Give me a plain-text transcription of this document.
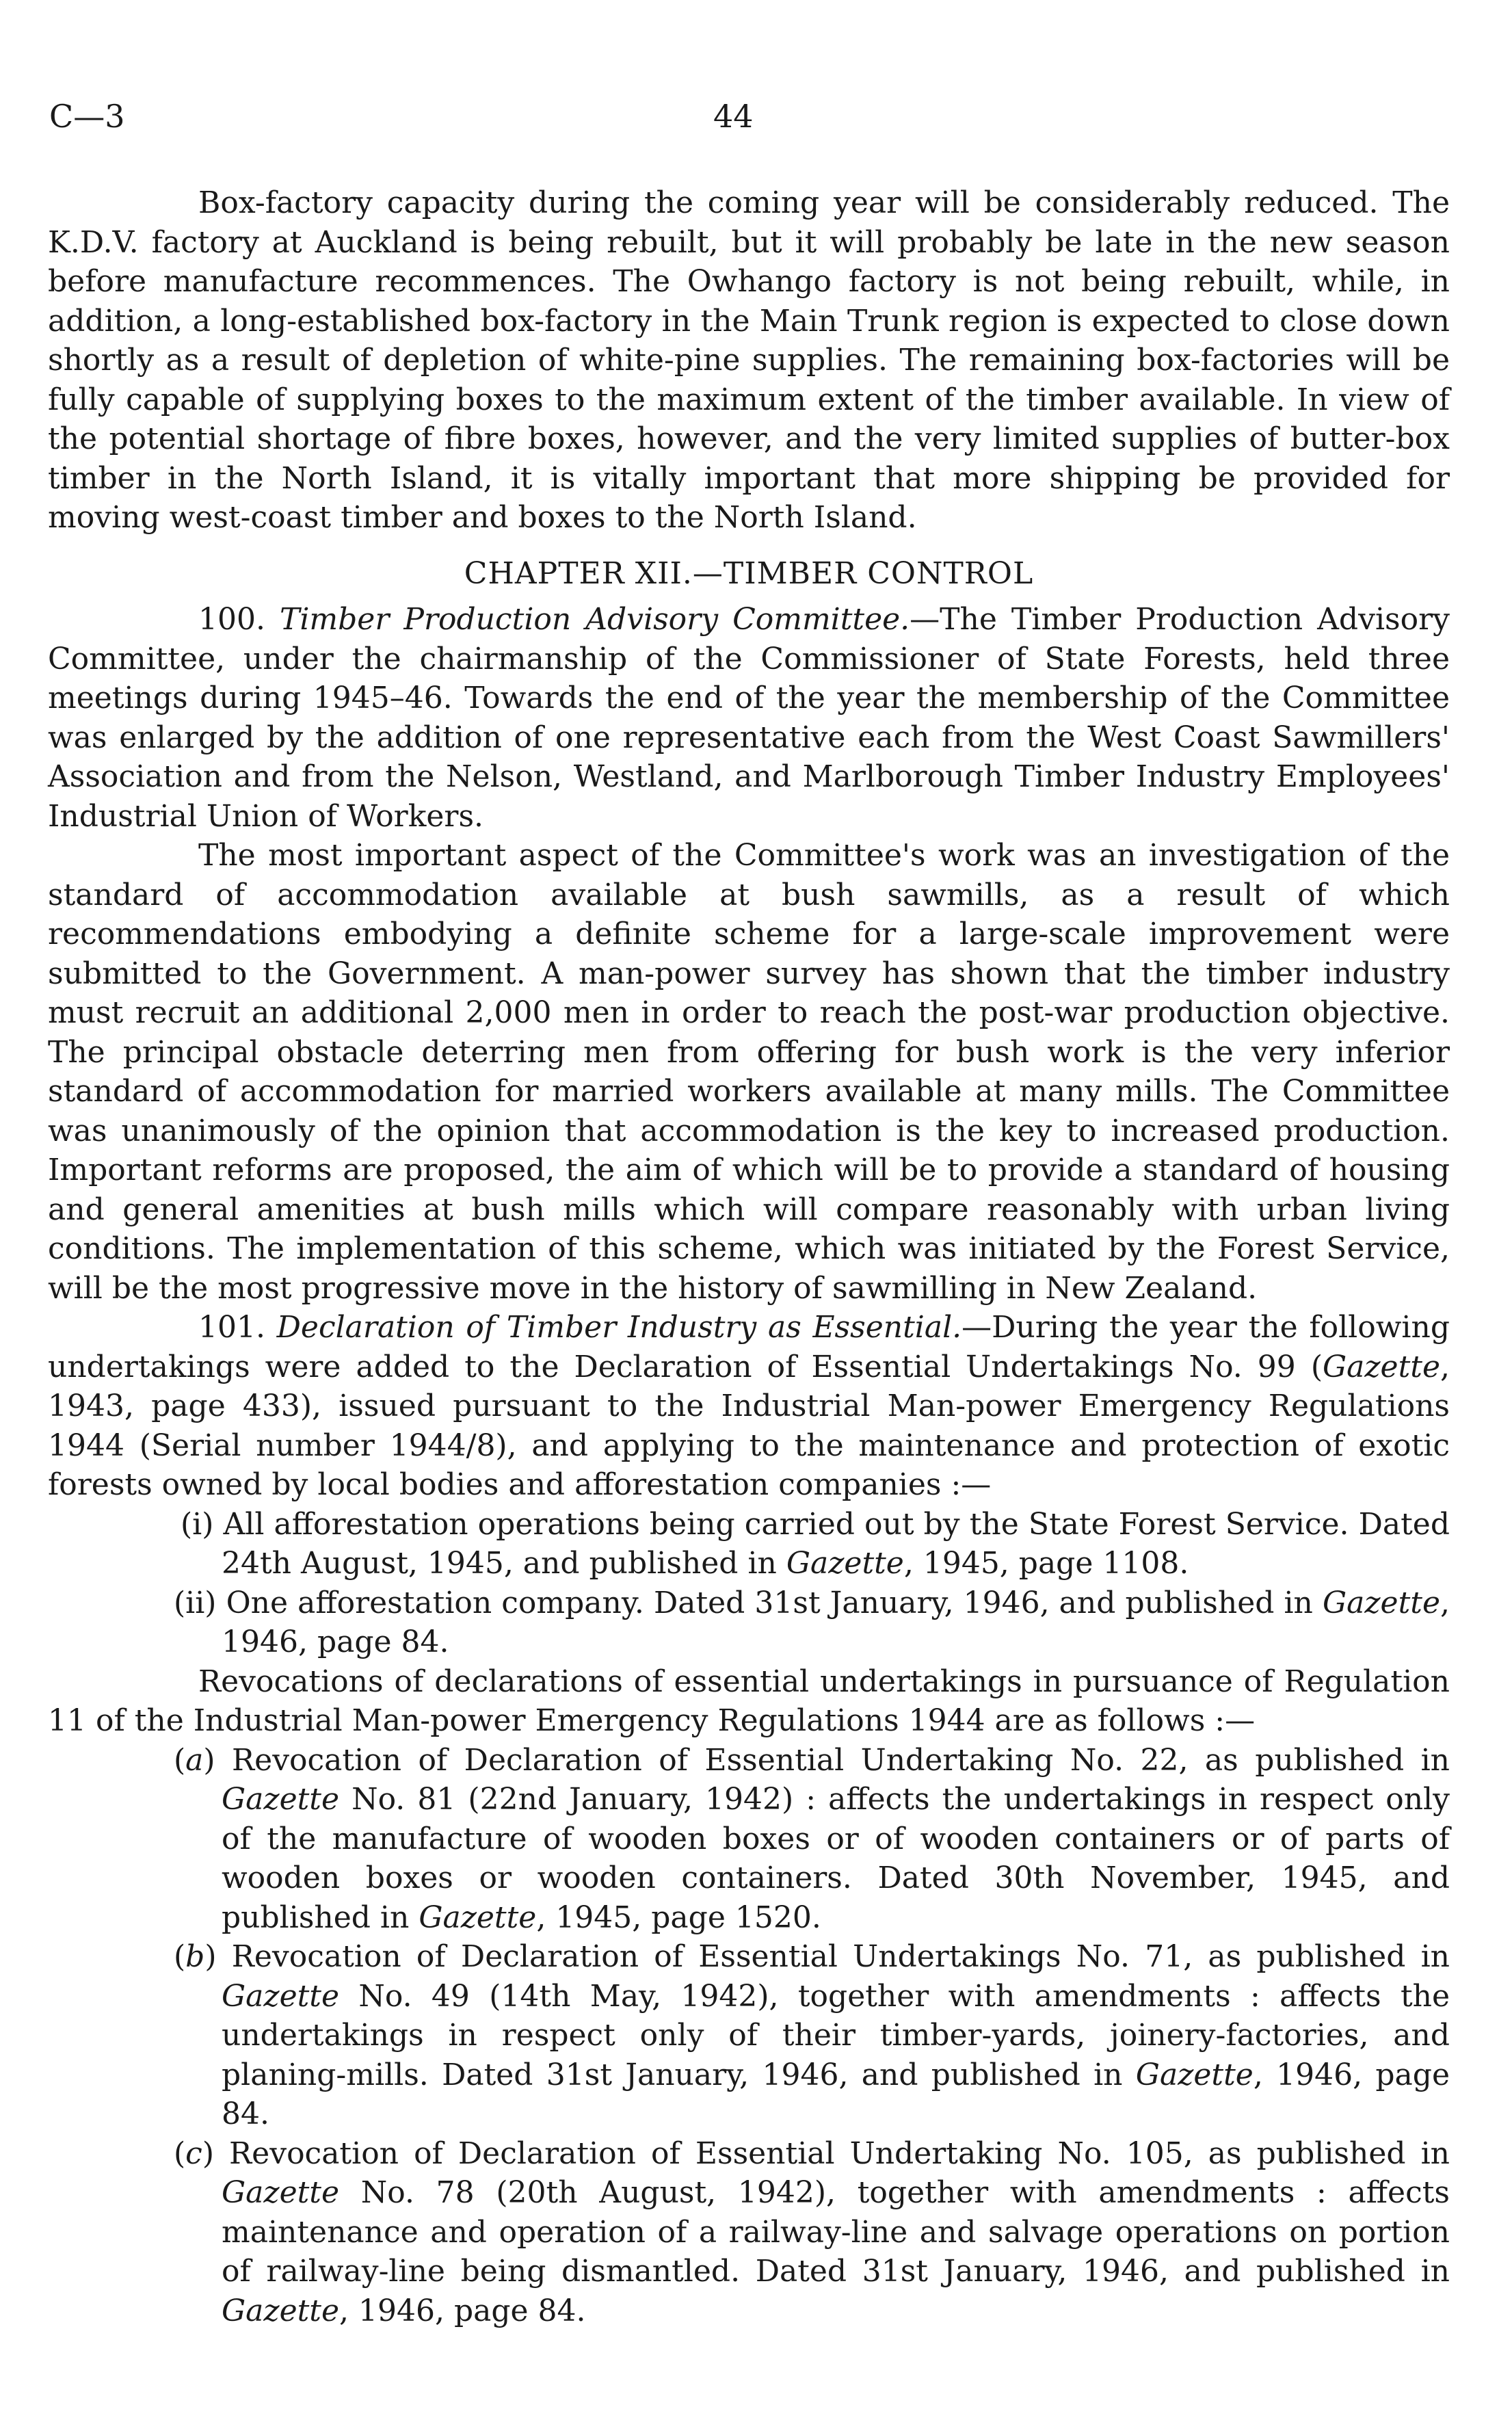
C—3	44

Box-factory capacity during the coming year will be considerably reduced. The K.D.V. factory at Auckland is being rebuilt, but it will probably be late in the new season before manufacture recommences. The Owhango factory is not being rebuilt, while, in addition, a long-established box-factory in the Main Trunk region is expected to close down shortly as a result of depletion of white-pine supplies. The remaining box-factories will be fully capable of supplying boxes to the maximum extent of the timber available. In view of the potential shortage of fibre boxes, however, and the very limited supplies of butter-box timber in the North Island, it is vitally important that more shipping be provided for moving west-coast timber and boxes to the North Island.

CHAPTER XII.—TIMBER CONTROL

100. Timber Production Advisory Committee.—The Timber Production Advisory Committee, under the chairmanship of the Commissioner of State Forests, held three meetings during 1945–46. Towards the end of the year the membership of the Committee was enlarged by the addition of one representative each from the West Coast Sawmillers' Association and from the Nelson, Westland, and Marlborough Timber Industry Employees' Industrial Union of Workers.

The most important aspect of the Committee's work was an investigation of the standard of accommodation available at bush sawmills, as a result of which recommendations embodying a definite scheme for a large-scale improvement were submitted to the Government. A man-power survey has shown that the timber industry must recruit an additional 2,000 men in order to reach the post-war production objective. The principal obstacle deterring men from offering for bush work is the very inferior standard of accommodation for married workers available at many mills. The Committee was unanimously of the opinion that accommodation is the key to increased production. Important reforms are proposed, the aim of which will be to provide a standard of housing and general amenities at bush mills which will compare reasonably with urban living conditions. The implementation of this scheme, which was initiated by the Forest Service, will be the most progressive move in the history of sawmilling in New Zealand.

101. Declaration of Timber Industry as Essential.—During the year the following undertakings were added to the Declaration of Essential Undertakings No. 99 (Gazette, 1943, page 433), issued pursuant to the Industrial Man-power Emergency Regulations 1944 (Serial number 1944/8), and applying to the maintenance and protection of exotic forests owned by local bodies and afforestation companies :—

(i) All afforestation operations being carried out by the State Forest Service. Dated 24th August, 1945, and published in Gazette, 1945, page 1108.

(ii) One afforestation company. Dated 31st January, 1946, and published in Gazette, 1946, page 84.

Revocations of declarations of essential undertakings in pursuance of Regulation 11 of the Industrial Man-power Emergency Regulations 1944 are as follows :—

(a) Revocation of Declaration of Essential Undertaking No. 22, as published in Gazette No. 81 (22nd January, 1942) : affects the undertakings in respect only of the manufacture of wooden boxes or of wooden containers or of parts of wooden boxes or wooden containers. Dated 30th November, 1945, and published in Gazette, 1945, page 1520.

(b) Revocation of Declaration of Essential Undertakings No. 71, as published in Gazette No. 49 (14th May, 1942), together with amendments : affects the undertakings in respect only of their timber-yards, joinery-factories, and planing-mills. Dated 31st January, 1946, and published in Gazette, 1946, page 84.

(c) Revocation of Declaration of Essential Undertaking No. 105, as published in Gazette No. 78 (20th August, 1942), together with amendments : affects maintenance and operation of a railway-line and salvage operations on portion of railway-line being dismantled. Dated 31st January, 1946, and published in Gazette, 1946, page 84.
